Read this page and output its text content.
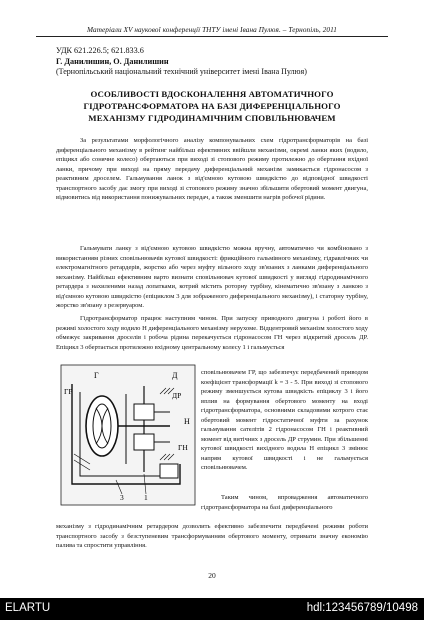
Матеріали XV наукової конференції ТНТУ імені Івана Пулюя. – Тернопіль, 2011
УДК 621.226.5; 621.833.6
Г. Данилишин, О. Данилишин
(Тернопільський національний технічний університет імені Івана Пулюя)
ОСОБЛИВОСТІ ВДОСКОНАЛЕННЯ АВТОМАТИЧНОГО ГІДРОТРАНСФОРМАТОРА НА БАЗІ ДИФЕРЕНЦІАЛЬНОГО МЕХАНІЗМУ ГІДРОДИНАМІЧНИМ СПОВІЛЬНЮВАЧЕМ
За результатами морфологічного аналізу компонувальних схем гідротрансформаторів на базі диференціального механізму в рейтинг найбільш ефективних ввійшли механізми, окремі ланки яких (водило, епіцикл або сонячне колесо) обертаються при виході зі стопового режиму протилежно до обертання вхідної ланки, причому при виході на пряму передачу диференціальний механізм замикається гідронасосом з реактивним дроселем. Гальмування ланок з від'ємною кутовою швидкістю до відповідної швидкості транспортного засобу дає змогу при виході зі стопового режиму значно збільшити обертовий момент двигуна, відмовитись від використання понижувальних передач, а також зменшити нагрів робочої рідини.
Гальмувати ланку з від'ємною кутовою швидкістю можна вручну, автоматично чи комбіновано з використанням різних сповільнювачів кутової швидкості: фрикційного гальмівного механізму, гідравлічних чи електромагнітного ретардерів, жорстко або через муфту вільного ходу зв'язаних з ланками диференціального механізму. Найбільш ефективним варто визнати сповільнювач кутової швидкості у вигляді гідродинамічного ретардера з нахиленими назад лопатками, котрий містить роторну турбіну, кінематично зв'язану з ланкою з від'ємною кутовою швидкістю (епіциклом 3 для зображеного диференціального механізму), і статорну турбіну, жорстко зв'язану з резервуаром.
Гідротрансформатор працює наступним чином. При запуску приводного двигуна і роботі його в режимі холостого ходу водило Н диференціального механізму нерухоме. Відцентровий механізм холостого ходу обмежує закривання дроселів і робоча рідина перекачується гідронасосом ГН через відкритий дросель ДР. Епіцикл 3 обертається протилежно вхідному центральному колесу 1 і гальмується
Г	Д
ГР	ДР
Н
ГН
3	1
сповільнювачем ГР, що забезпечує передбачений приводом коефіцієнт трансформації k = 3 - 5. При виході зі стопового режиму зменшується кутова швидкість епіциклу 3 і його вплив на формування обертового моменту на вході гідротрансформатора, основними складовими котрого стає обертовий момент гідростатичної муфти за рахунок гальмування сателітів 2 гідронасосом ГН і реактивний момент від витічних з дросель ДР струмин. При збільшенні кутової швидкості вихідного водила Н епіцикл 3 змінює напрям кутової швидкості і не гальмується сповільнювачем.
Таким чином, впровадження автоматичного гідротрансформатора на базі диференціального
механізму з гідродинамічним ретардером дозволить ефективно забезпечити передбачені режими роботи транспортного засобу з безступеневим трансформуванням обертового моменту, отримати значну економію палива та спростити управління.
20
ELARTU	hdl:123456789/10498
